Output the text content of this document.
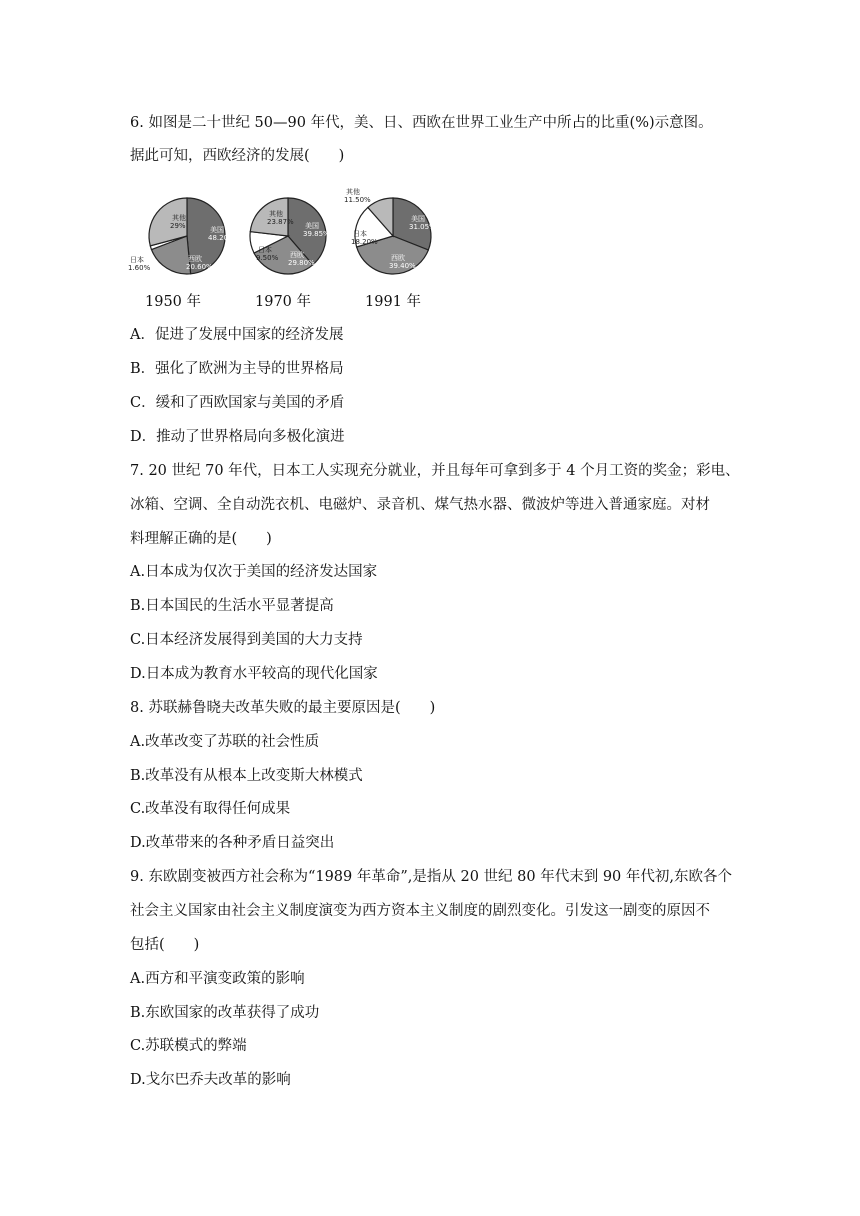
6. 如图是二十世纪 50—90 年代，美、日、西欧在世界工业生产中所占的比重(%)示意图。
据此可知，西欧经济的发展(　　)
美国
48.20%
西欧
20.60%
日本
1.60%
其他
29%	美国
39.85%
西欧
29.80%
日本
9.50%
其他
23.87%	美国
31.05%
西欧
39.40%
日本
18.20%
其他
11.50%
1950 年	1970 年	1991 年
A．促进了发展中国家的经济发展
B．强化了欧洲为主导的世界格局
C．缓和了西欧国家与美国的矛盾
D．推动了世界格局向多极化演进
7. 20 世纪 70 年代，日本工人实现充分就业，并且每年可拿到多于 4 个月工资的奖金；彩电、
冰箱、空调、全自动洗衣机、电磁炉、录音机、煤气热水器、微波炉等进入普通家庭。对材
料理解正确的是(　　)
A.日本成为仅次于美国的经济发达国家
B.日本国民的生活水平显著提高
C.日本经济发展得到美国的大力支持
D.日本成为教育水平较高的现代化国家
8. 苏联赫鲁晓夫改革失败的最主要原因是(　　)
A.改革改变了苏联的社会性质
B.改革没有从根本上改变斯大林模式
C.改革没有取得任何成果
D.改革带来的各种矛盾日益突出
9. 东欧剧变被西方社会称为“1989 年革命”,是指从 20 世纪 80 年代末到 90 年代初,东欧各个
社会主义国家由社会主义制度演变为西方资本主义制度的剧烈变化。引发这一剧变的原因不
包括(　　)
A.西方和平演变政策的影响
B.东欧国家的改革获得了成功
C.苏联模式的弊端
D.戈尔巴乔夫改革的影响
